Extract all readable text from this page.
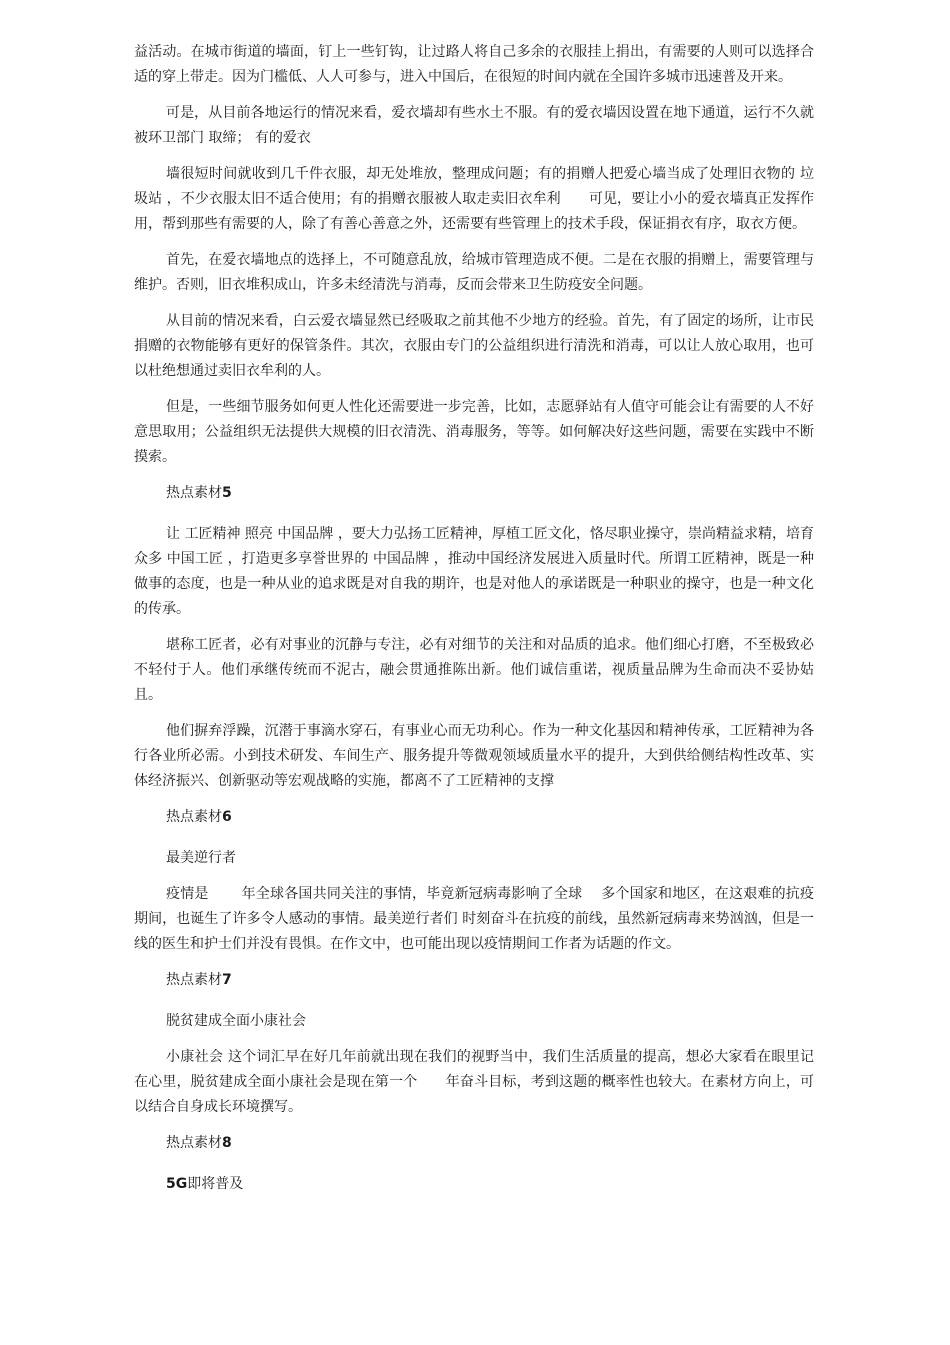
益活动。在城市街道的墙面，钉上一些钉钩，让过路人将自己多余的衣服挂上捐出，有需要的人则可以选择合适的穿上带走。因为门槛低、人人可参与，进入中国后，在很短的时间内就在全国许多城市迅速普及开来。

可是，从目前各地运行的情况来看，爱衣墙却有些水土不服。有的爱衣墙因设置在地下通道，运行不久就被环卫部门 取缔； 有的爱衣

墙很短时间就收到几千件衣服，却无处堆放，整理成问题；有的捐赠人把爱心墙当成了处理旧衣物的 垃圾站 ，不少衣服太旧不适合使用；有的捐赠衣服被人取走卖旧衣牟利　　可见，要让小小的爱衣墙真正发挥作用，帮到那些有需要的人，除了有善心善意之外，还需要有些管理上的技术手段，保证捐衣有序，取衣方便。

首先，在爱衣墙地点的选择上，不可随意乱放，给城市管理造成不便。二是在衣服的捐赠上，需要管理与维护。否则，旧衣堆积成山，许多未经清洗与消毒，反而会带来卫生防疫安全问题。

从目前的情况来看，白云爱衣墙显然已经吸取之前其他不少地方的经验。首先，有了固定的场所，让市民捐赠的衣物能够有更好的保管条件。其次，衣服由专门的公益组织进行清洗和消毒，可以让人放心取用，也可以杜绝想通过卖旧衣牟利的人。

但是，一些细节服务如何更人性化还需要进一步完善，比如，志愿驿站有人值守可能会让有需要的人不好意思取用；公益组织无法提供大规模的旧衣清洗、消毒服务，等等。如何解决好这些问题，需要在实践中不断摸索。

热点素材5

让 工匠精神 照亮 中国品牌 ，要大力弘扬工匠精神，厚植工匠文化，恪尽职业操守，崇尚精益求精，培育众多 中国工匠 ，打造更多享誉世界的 中国品牌 ，推动中国经济发展进入质量时代。所谓工匠精神，既是一种做事的态度，也是一种从业的追求既是对自我的期许，也是对他人的承诺既是一种职业的操守，也是一种文化的传承。

堪称工匠者，必有对事业的沉静与专注，必有对细节的关注和对品质的追求。他们细心打磨，不至极致必不轻付于人。他们承继传统而不泥古，融会贯通推陈出新。他们诚信重诺，视质量品牌为生命而决不妥协姑且。

他们摒弃浮躁，沉潜于事滴水穿石，有事业心而无功利心。作为一种文化基因和精神传承，工匠精神为各行各业所必需。小到技术研发、车间生产、服务提升等微观领域质量水平的提升，大到供给侧结构性改革、实体经济振兴、创新驱动等宏观战略的实施，都离不了工匠精神的支撑

热点素材6
最美逆行者

疫情是　　 年全球各国共同关注的事情，毕竟新冠病毒影响了全球　 多个国家和地区，在这艰难的抗疫期间，也诞生了许多令人感动的事情。最美逆行者们 时刻奋斗在抗疫的前线，虽然新冠病毒来势汹汹，但是一线的医生和护士们并没有畏惧。在作文中，也可能出现以疫情期间工作者为话题的作文。

热点素材7
脱贫建成全面小康社会

小康社会 这个词汇早在好几年前就出现在我们的视野当中，我们生活质量的提高，想必大家看在眼里记在心里，脱贫建成全面小康社会是现在第一个　　年奋斗目标，考到这题的概率性也较大。在素材方向上，可以结合自身成长环境撰写。

热点素材8
5G即将普及
